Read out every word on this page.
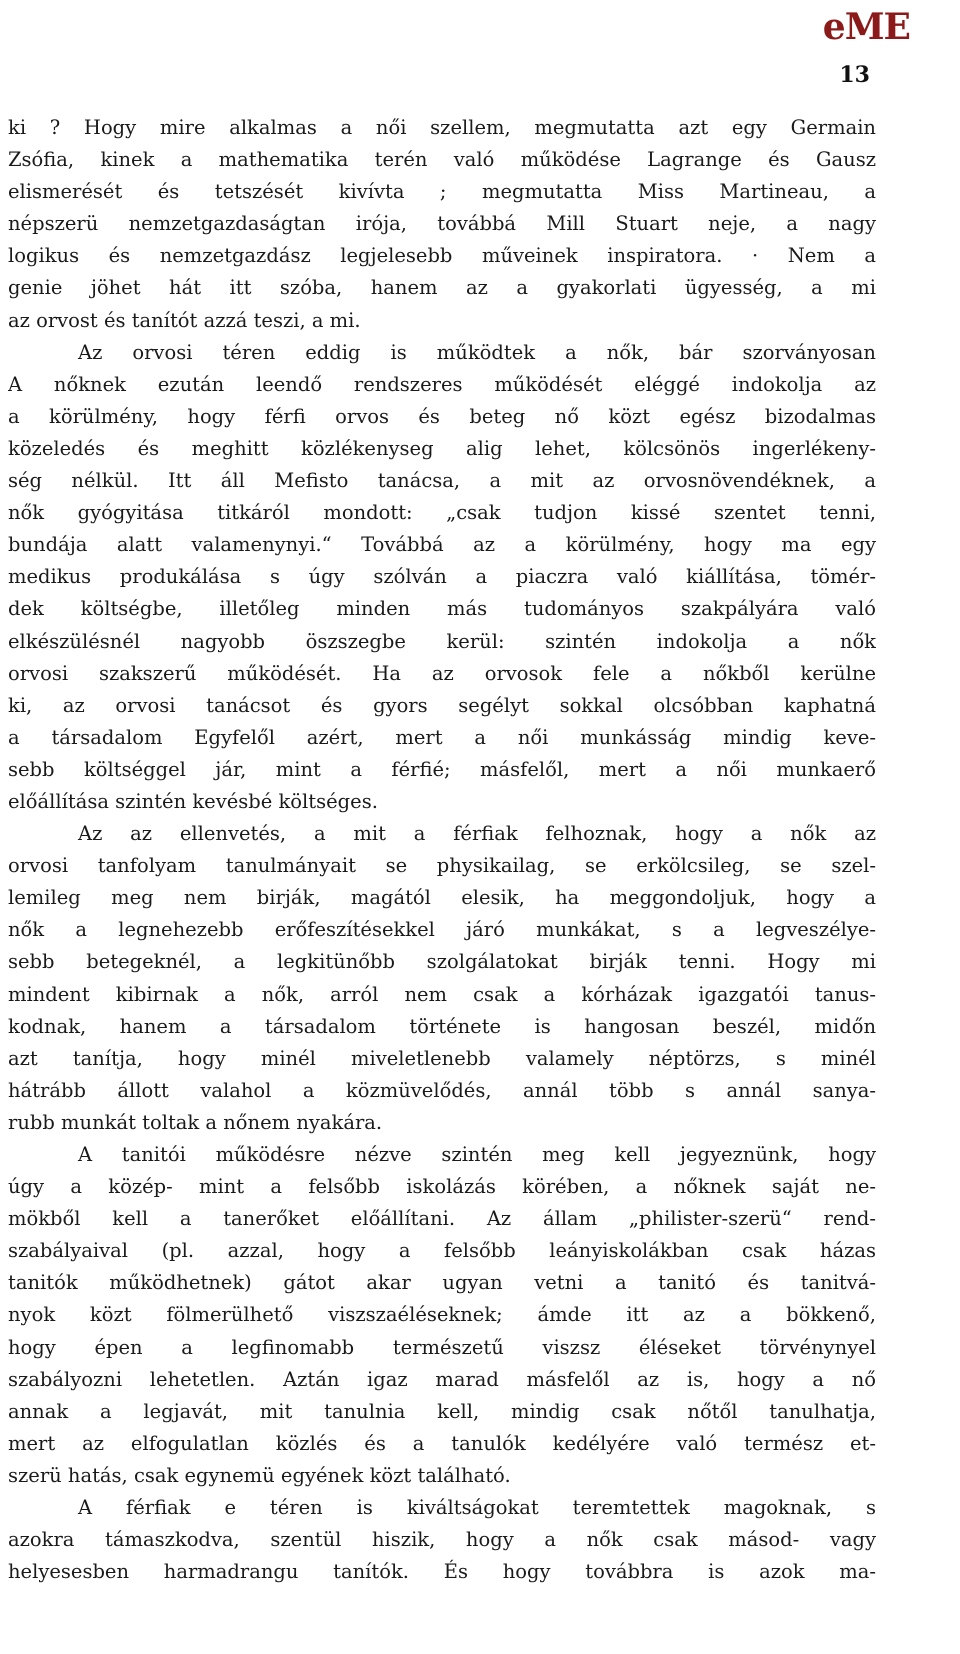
eME
13
ki ? Hogy mire alkalmas a női szellem, megmutatta azt egy Germain
Zsófia, kinek a mathematika terén való működése Lagrange és Gausz
elismerését és tetszését kivívta ; megmutatta Miss Martineau, a
népszerü nemzetgazdaságtan irója, továbbá Mill Stuart neje, a nagy
logikus és nemzetgazdász legjelesebb műveinek inspiratora. · Nem a
genie jöhet hát itt szóba, hanem az a gyakorlati ügyesség, a mi
az orvost és tanítót azzá teszi, a mi.
Az orvosi téren eddig is működtek a nők, bár szorványosan
A nőknek ezután leendő rendszeres működését eléggé indokolja az
a körülmény, hogy férfi orvos és beteg nő közt egész bizodalmas
közeledés és meghitt közlékenyseg alig lehet, kölcsönös ingerlékeny-
ség nélkül. Itt áll Mefisto tanácsa, a mit az orvosnövendéknek, a
nők gyógyitása titkáról mondott: „csak tudjon kissé szentet tenni,
bundája alatt valamenynyi.“ Továbbá az a körülmény, hogy ma egy
medikus produkálása s úgy szólván a piaczra való kiállítása, tömér-
dek költségbe, illetőleg minden más tudományos szakpályára való
elkészülésnél nagyobb öszszegbe kerül: szintén indokolja a nők
orvosi szakszerű működését. Ha az orvosok fele a nőkből kerülne
ki, az orvosi tanácsot és gyors segélyt sokkal olcsóbban kaphatná
a társadalom Egyfelől azért, mert a női munkásság mindig keve-
sebb költséggel jár, mint a férfié; másfelől, mert a női munkaerő
előállítása szintén kevésbé költséges.
Az az ellenvetés, a mit a férfiak felhoznak, hogy a nők az
orvosi tanfolyam tanulmányait se physikailag, se erkölcsileg, se szel-
lemileg meg nem birják, magától elesik, ha meggondoljuk, hogy a
nők a legnehezebb erőfeszítésekkel járó munkákat, s a legveszélye-
sebb betegeknél, a legkitünőbb szolgálatokat birják tenni. Hogy mi
mindent kibirnak a nők, arról nem csak a kórházak igazgatói tanus-
kodnak, hanem a társadalom története is hangosan beszél, midőn
azt tanítja, hogy minél miveletlenebb valamely néptörzs, s minél
hátrább állott valahol a közmüvelődés, annál több s annál sanya-
rubb munkát toltak a nőnem nyakára.
A tanitói működésre nézve szintén meg kell jegyeznünk, hogy
úgy a közép- mint a felsőbb iskolázás körében, a nőknek saját ne-
mökből kell a tanerőket előállítani. Az állam „philister-szerü“ rend-
szabályaival (pl. azzal, hogy a felsőbb leányiskolákban csak házas
tanitók működhetnek) gátot akar ugyan vetni a tanitó és tanitvá-
nyok közt fölmerülhető viszszaéléseknek; ámde itt az a bökkenő,
hogy épen a legfinomabb természetű viszsz éléseket törvénynyel
szabályozni lehetetlen. Aztán igaz marad másfelől az is, hogy a nő
annak a legjavát, mit tanulnia kell, mindig csak nőtől tanulhatja,
mert az elfogulatlan közlés és a tanulók kedélyére való termész et-
szerü hatás, csak egynemü egyének közt található.
A férfiak e téren is kiváltságokat teremtettek magoknak, s
azokra támaszkodva, szentül hiszik, hogy a nők csak másod- vagy
helyesesben harmadrangu tanítók. És hogy továbbra is azok ma-
